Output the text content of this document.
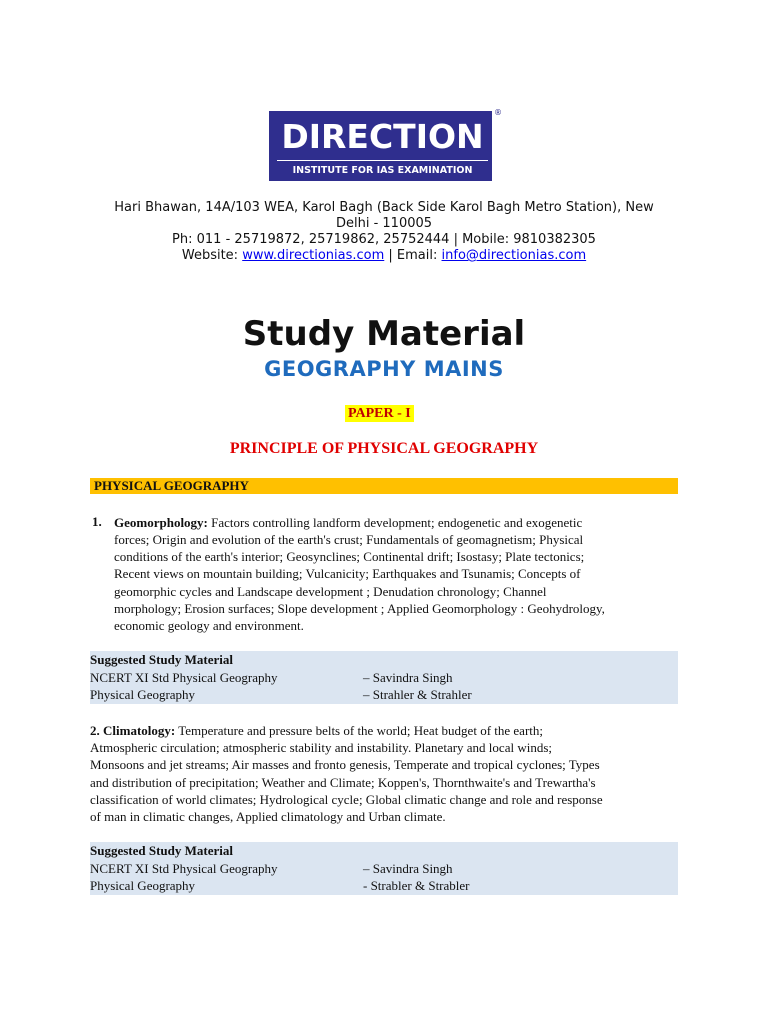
DIRECTION
INSTITUTE FOR IAS EXAMINATION
®
Hari Bhawan, 14A/103 WEA, Karol Bagh (Back Side Karol Bagh Metro Station), New
Delhi - 110005
Ph: 011 - 25719872, 25719862, 25752444 | Mobile: 9810382305
Website: www.directionias.com | Email: info@directionias.com
Study Material
GEOGRAPHY MAINS
PAPER - I
PRINCIPLE OF PHYSICAL GEOGRAPHY
PHYSICAL GEOGRAPHY
1. Geomorphology: Factors controlling landform development; endogenetic and exogenetic
forces; Origin and evolution of the earth's crust; Fundamentals of geomagnetism; Physical
conditions of the earth's interior; Geosynclines; Continental drift; Isostasy; Plate tectonics;
Recent views on mountain building; Vulcanicity; Earthquakes and Tsunamis; Concepts of
geomorphic cycles and Landscape development ; Denudation chronology; Channel
morphology; Erosion surfaces; Slope development ; Applied Geomorphology : Geohydrology,
economic geology and environment.
Suggested Study Material
NCERT XI Std Physical Geography	– Savindra Singh
Physical Geography	– Strahler & Strahler
2. Climatology: Temperature and pressure belts of the world; Heat budget of the earth;
Atmospheric circulation; atmospheric stability and instability. Planetary and local winds;
Monsoons and jet streams; Air masses and fronto genesis, Temperate and tropical cyclones; Types
and distribution of precipitation; Weather and Climate; Koppen's, Thornthwaite's and Trewartha's
classification of world climates; Hydrological cycle; Global climatic change and role and response
of man in climatic changes, Applied climatology and Urban climate.
Suggested Study Material
NCERT XI Std Physical Geography	– Savindra Singh
Physical Geography	- Strabler & Strabler
